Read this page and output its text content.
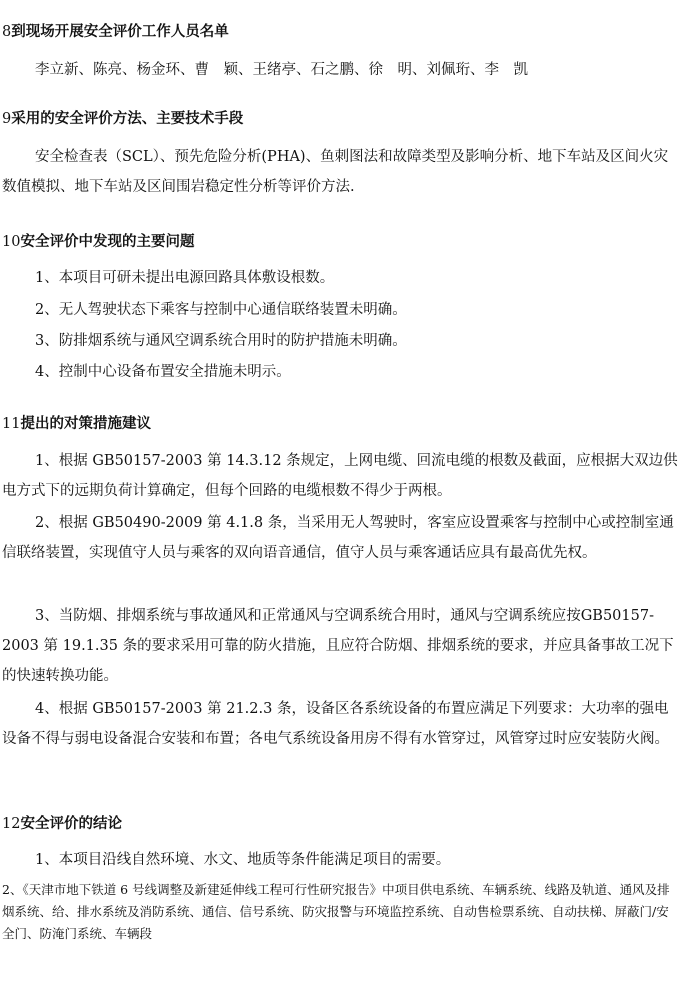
8到现场开展安全评价工作人员名单
李立新、陈亮、杨金环、曹　颖、王绪亭、石之鹏、徐　明、刘佩珩、李　凯
9采用的安全评价方法、主要技术手段
安全检查表（SCL）、预先危险分析(PHA)、鱼刺图法和故障类型及影响分析、地下车站及区间火灾数值模拟、地下车站及区间围岩稳定性分析等评价方法.
10安全评价中发现的主要问题
1、本项目可研未提出电源回路具体敷设根数。
2、无人驾驶状态下乘客与控制中心通信联络装置未明确。
3、防排烟系统与通风空调系统合用时的防护措施未明确。
4、控制中心设备布置安全措施未明示。
11提出的对策措施建议
1、根据 GB50157-2003 第 14.3.12 条规定，上网电缆、回流电缆的根数及截面，应根据大双边供电方式下的远期负荷计算确定，但每个回路的电缆根数不得少于两根。
2、根据 GB50490-2009 第 4.1.8 条，当采用无人驾驶时，客室应设置乘客与控制中心或控制室通信联络装置，实现值守人员与乘客的双向语音通信，值守人员与乘客通话应具有最高优先权。
3、当防烟、排烟系统与事故通风和正常通风与空调系统合用时，通风与空调系统应按GB50157-2003 第 19.1.35 条的要求采用可靠的防火措施，且应符合防烟、排烟系统的要求，并应具备事故工况下的快速转换功能。
4、根据 GB50157-2003 第 21.2.3 条，设备区各系统设备的布置应满足下列要求：大功率的强电设备不得与弱电设备混合安装和布置；各电气系统设备用房不得有水管穿过，风管穿过时应安装防火阀。
12安全评价的结论
1、本项目沿线自然环境、水文、地质等条件能满足项目的需要。
2、《天津市地下铁道 6 号线调整及新建延伸线工程可行性研究报告》中项目供电系统、车辆系统、线路及轨道、通风及排烟系统、给、排水系统及消防系统、通信、信号系统、防灾报警与环境监控系统、自动售检票系统、自动扶梯、屏蔽门/安全门、防淹门系统、车辆段
